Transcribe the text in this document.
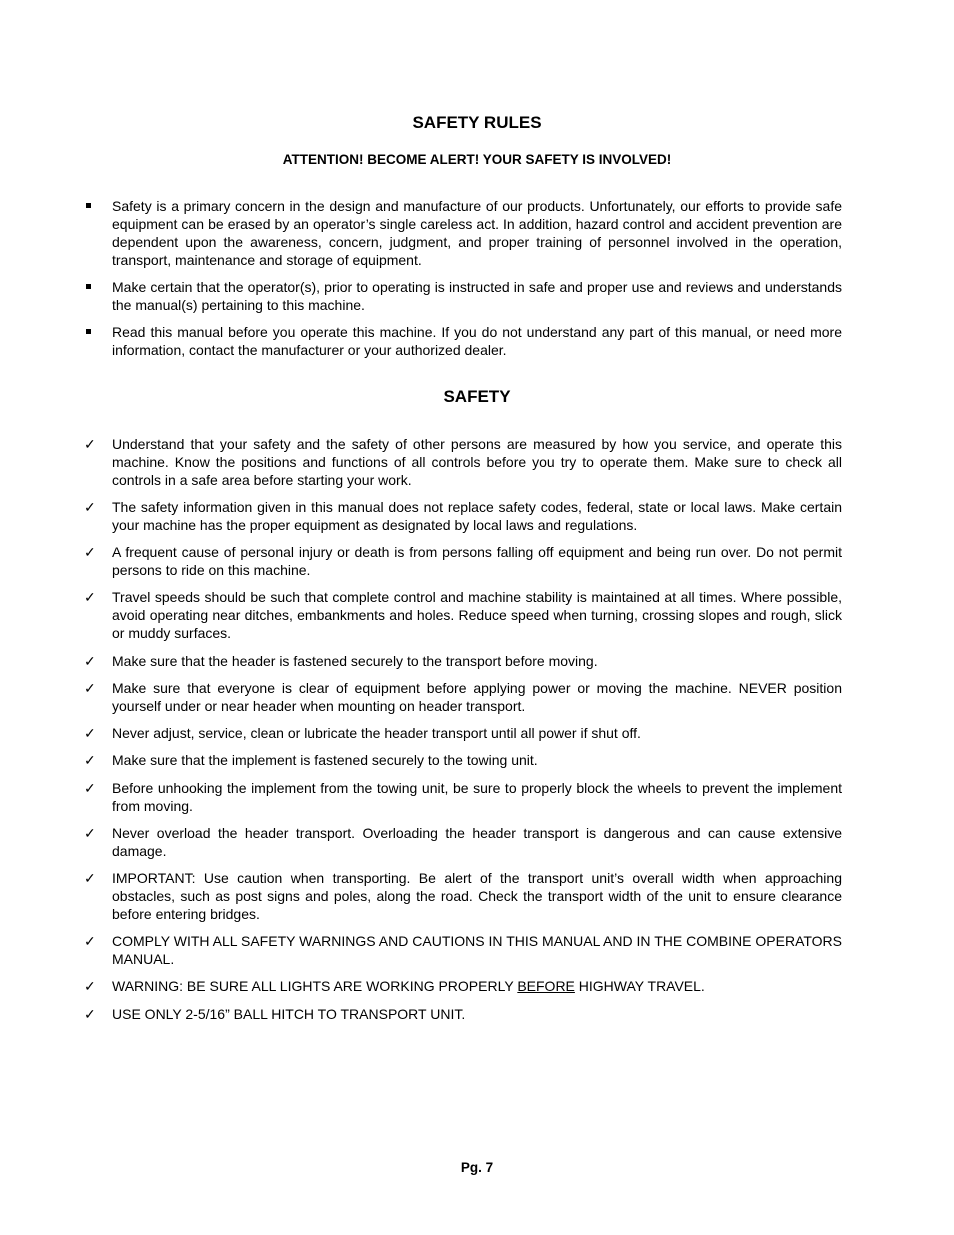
SAFETY RULES
ATTENTION! BECOME ALERT! YOUR SAFETY IS INVOLVED!
Safety is a primary concern in the design and manufacture of our products. Unfortunately, our efforts to provide safe equipment can be erased by an operator’s single careless act. In addition, hazard control and accident prevention are dependent upon the awareness, concern, judgment, and proper training of personnel involved in the operation, transport, maintenance and storage of equipment.
Make certain that the operator(s), prior to operating is instructed in safe and proper use and reviews and understands the manual(s) pertaining to this machine.
Read this manual before you operate this machine. If you do not understand any part of this manual, or need more information, contact the manufacturer or your authorized dealer.
SAFETY
✓	Understand that your safety and the safety of other persons are measured by how you service, and operate this machine. Know the positions and functions of all controls before you try to operate them. Make sure to check all controls in a safe area before starting your work.
✓	The safety information given in this manual does not replace safety codes, federal, state or local laws. Make certain your machine has the proper equipment as designated by local laws and regulations.
✓	A frequent cause of personal injury or death is from persons falling off equipment and being run over. Do not permit persons to ride on this machine.
✓	Travel speeds should be such that complete control and machine stability is maintained at all times. Where possible, avoid operating near ditches, embankments and holes. Reduce speed when turning, crossing slopes and rough, slick or muddy surfaces.
✓	Make sure that the header is fastened securely to the transport before moving.
✓	Make sure that everyone is clear of equipment before applying power or moving the machine. NEVER position yourself under or near header when mounting on header transport.
✓	Never adjust, service, clean or lubricate the header transport until all power if shut off.
✓	Make sure that the implement is fastened securely to the towing unit.
✓	Before unhooking the implement from the towing unit, be sure to properly block the wheels to prevent the implement from moving.
✓	Never overload the header transport. Overloading the header transport is dangerous and can cause extensive damage.
✓	IMPORTANT: Use caution when transporting. Be alert of the transport unit’s overall width when approaching obstacles, such as post signs and poles, along the road. Check the transport width of the unit to ensure clearance before entering bridges.
✓	COMPLY WITH ALL SAFETY WARNINGS AND CAUTIONS IN THIS MANUAL AND IN THE COMBINE OPERATORS MANUAL.
✓	WARNING: BE SURE ALL LIGHTS ARE WORKING PROPERLY BEFORE HIGHWAY TRAVEL.
✓	USE ONLY 2-5/16” BALL HITCH TO TRANSPORT UNIT.
Pg. 7
